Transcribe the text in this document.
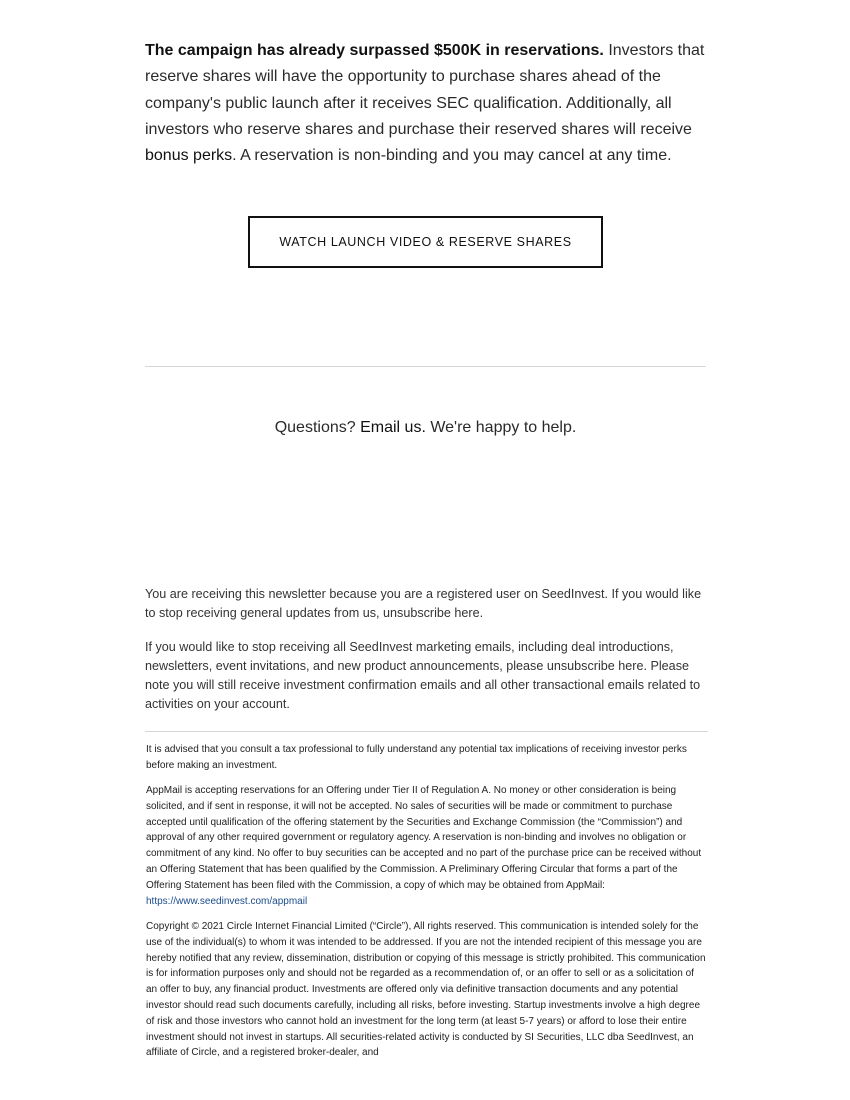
The campaign has already surpassed $500K in reservations. Investors that reserve shares will have the opportunity to purchase shares ahead of the company's public launch after it receives SEC qualification. Additionally, all investors who reserve shares and purchase their reserved shares will receive bonus perks. A reservation is non-binding and you may cancel at any time.
WATCH LAUNCH VIDEO & RESERVE SHARES
Questions? Email us. We're happy to help.
You are receiving this newsletter because you are a registered user on SeedInvest. If you would like to stop receiving general updates from us, unsubscribe here.
If you would like to stop receiving all SeedInvest marketing emails, including deal introductions, newsletters, event invitations, and new product announcements, please unsubscribe here. Please note you will still receive investment confirmation emails and all other transactional emails related to activities on your account.
It is advised that you consult a tax professional to fully understand any potential tax implications of receiving investor perks before making an investment.
AppMail is accepting reservations for an Offering under Tier II of Regulation A. No money or other consideration is being solicited, and if sent in response, it will not be accepted. No sales of securities will be made or commitment to purchase accepted until qualification of the offering statement by the Securities and Exchange Commission (the “Commission”) and approval of any other required government or regulatory agency. A reservation is non-binding and involves no obligation or commitment of any kind. No offer to buy securities can be accepted and no part of the purchase price can be received without an Offering Statement that has been qualified by the Commission. A Preliminary Offering Circular that forms a part of the Offering Statement has been filed with the Commission, a copy of which may be obtained from AppMail: https://www.seedinvest.com/appmail
Copyright © 2021 Circle Internet Financial Limited (“Circle”), All rights reserved. This communication is intended solely for the use of the individual(s) to whom it was intended to be addressed. If you are not the intended recipient of this message you are hereby notified that any review, dissemination, distribution or copying of this message is strictly prohibited. This communication is for information purposes only and should not be regarded as a recommendation of, or an offer to sell or as a solicitation of an offer to buy, any financial product. Investments are offered only via definitive transaction documents and any potential investor should read such documents carefully, including all risks, before investing. Startup investments involve a high degree of risk and those investors who cannot hold an investment for the long term (at least 5-7 years) or afford to lose their entire investment should not invest in startups. All securities-related activity is conducted by SI Securities, LLC dba SeedInvest, an affiliate of Circle, and a registered broker-dealer, and
